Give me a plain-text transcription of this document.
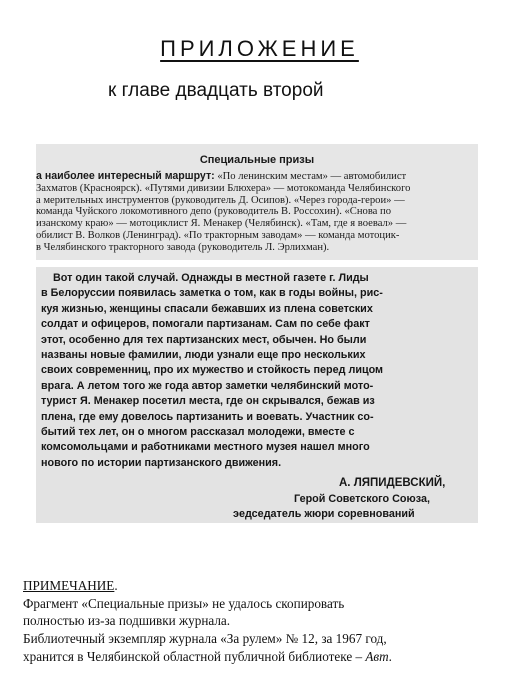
ПРИЛОЖЕНИЕ
к главе двадцать второй
Специальные призы
а наиболее интересный маршрут: «По ленинским местам» — автомобилист
Захматов (Красноярск). «Путями дивизии Блюхера» — мотокоманда Челябинского
а мерительных инструментов (руководитель Д. Осипов). «Через города-герои» —
команда Чуйского локомотивного депо (руководитель В. Россохин). «Снова по
изанскому краю» — мотоциклист Я. Менакер (Челябинск). «Там, где я воевал» —
обилист В. Волков (Ленинград). «По тракторным заводам» — команда мотоцик-
в Челябинского тракторного завода (руководитель Л. Эрлихман).
Вот один такой случай. Однажды в местной газете г. Лиды
в Белоруссии появилась заметка о том, как в годы войны, рис-
куя жизнью, женщины спасали бежавших из плена советских
солдат и офицеров, помогали партизанам. Сам по себе факт
этот, особенно для тех партизанских мест, обычен. Но были
названы новые фамилии, люди узнали еще про нескольких
своих современниц, про их мужество и стойкость перед лицом
врага. А летом того же года автор заметки челябинский мото-
турист Я. Менакер посетил места, где он скрывался, бежав из
плена, где ему довелось партизанить и воевать. Участник со-
бытий тех лет, он о многом рассказал молодежи, вместе с
комсомольцами и работниками местного музея нашел много
нового по истории партизанского движения.
А. ЛЯПИДЕВСКИЙ,
Герой Советского Союза,
эедседатель жюри соревнований
ПРИМЕЧАНИЕ.
Фрагмент «Специальные призы» не удалось скопировать
полностью из-за подшивки журнала.
Библиотечный экземпляр журнала «За рулем» № 12, за 1967 год,
хранится в Челябинской областной публичной библиотеке – Авт.
